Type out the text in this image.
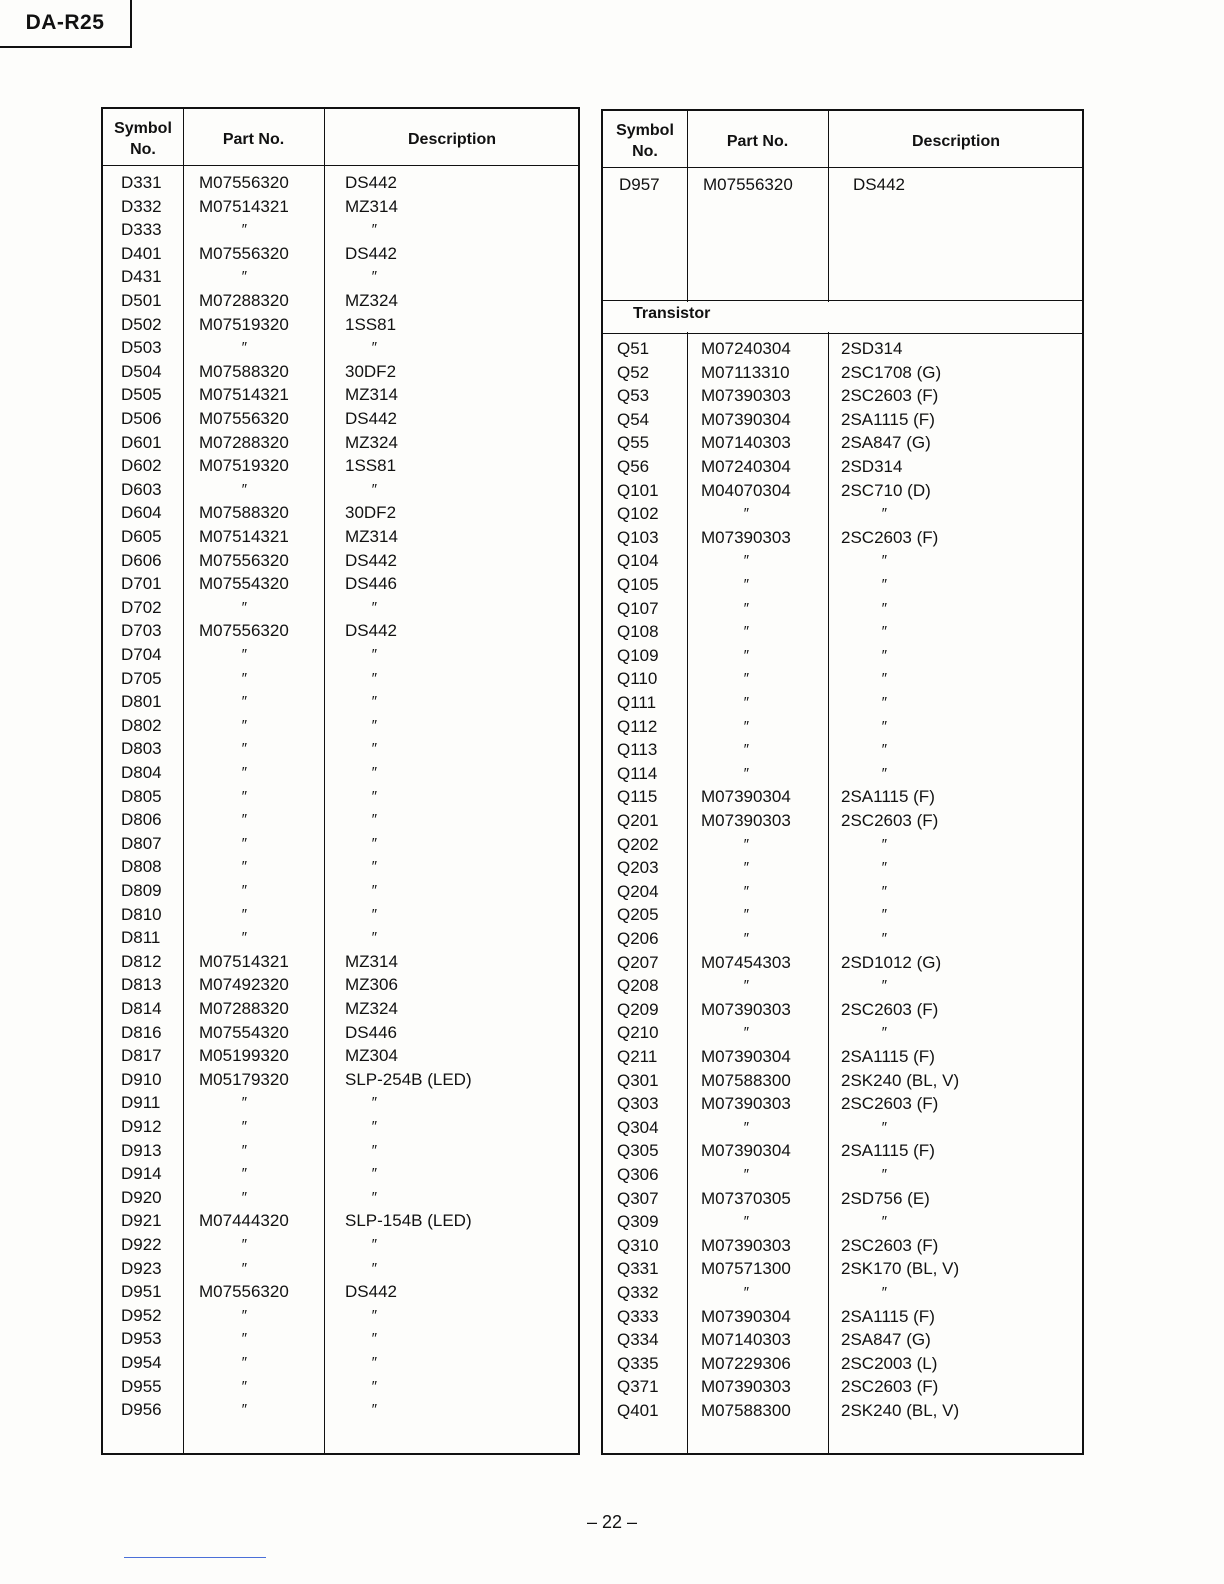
DA-R25
Symbol
No.
Part No.	Description
D331 M07556320	DS442
D332 M07514321	MZ314
D333	″	″
D401 M07556320	DS442
D431	″	″
D501 M07288320	MZ324
D502 M07519320	1SS81
D503	″	″
D504 M07588320	30DF2
D505 M07514321	MZ314
D506 M07556320	DS442
D601 M07288320	MZ324
D602 M07519320	1SS81
D603	″	″
D604 M07588320	30DF2
D605 M07514321	MZ314
D606 M07556320	DS442
D701 M07554320	DS446
D702	″	″
D703 M07556320	DS442
D704	″	″
D705	″	″
D801	″	″
D802	″	″
D803	″	″
D804	″	″
D805	″	″
D806	″	″
D807	″	″
D808	″	″
D809	″	″
D810	″	″
D811	″	″
D812 M07514321	MZ314
D813 M07492320	MZ306
D814 M07288320	MZ324
D816 M07554320	DS446
D817 M05199320	MZ304
D910 M05179320	SLP-254B (LED)
D911	″	″
D912	″	″
D913	″	″
D914	″	″
D920	″	″
D921 M07444320	SLP-154B (LED)
D922	″	″
D923	″	″
D951 M07556320	DS442
D952	″	″
D953	″	″
D954	″	″
D955	″	″
D956	″	″
Symbol
No.
Part No.	Description
D957	M07556320	DS442
Transistor
Q51	M07240304	2SD314
Q52	M07113310	2SC1708 (G)
Q53	M07390303	2SC2603 (F)
Q54	M07390304	2SA1115 (F)
Q55	M07140303	2SA847 (G)
Q56	M07240304	2SD314
Q101 M04070304	2SC710 (D)
Q102	″	″
Q103 M07390303	2SC2603 (F)
Q104	″	″
Q105	″	″
Q107	″	″
Q108	″	″
Q109	″	″
Q110	″	″
Q111	″	″
Q112	″	″
Q113	″	″
Q114	″	″
Q115	M07390304	2SA1115 (F)
Q201 M07390303	2SC2603 (F)
Q202	″	″
Q203	″	″
Q204	″	″
Q205	″	″
Q206	″	″
Q207 M07454303	2SD1012 (G)
Q208	″	″
Q209 M07390303	2SC2603 (F)
Q210	″	″
Q211	M07390304	2SA1115 (F)
Q301 M07588300	2SK240 (BL, V)
Q303 M07390303	2SC2603 (F)
Q304	″	″
Q305 M07390304	2SA1115 (F)
Q306	″	″
Q307 M07370305	2SD756 (E)
Q309	″	″
Q310 M07390303	2SC2603 (F)
Q331 M07571300	2SK170 (BL, V)
Q332	″	″
Q333 M07390304	2SA1115 (F)
Q334 M07140303	2SA847 (G)
Q335 M07229306	2SC2003 (L)
Q371 M07390303	2SC2603 (F)
Q401 M07588300	2SK240 (BL, V)
– 22 –
